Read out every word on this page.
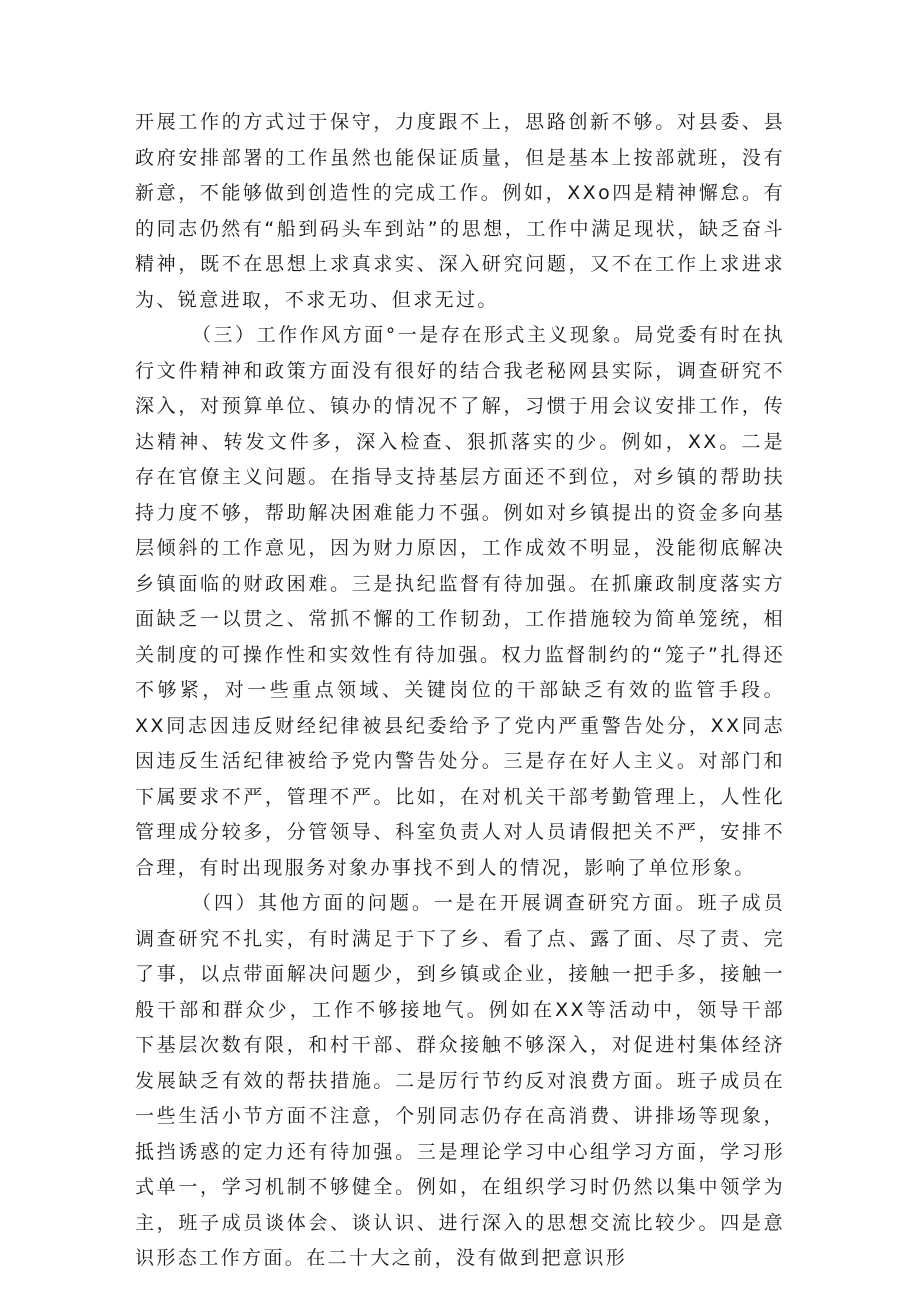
开展工作的方式过于保守，力度跟不上，思路创新不够。对县委、县政府安排部署的工作虽然也能保证质量，但是基本上按部就班，没有新意，不能够做到创造性的完成工作。例如，XXo四是精神懈怠。有的同志仍然有“船到码头车到站”的思想，工作中满足现状，缺乏奋斗精神，既不在思想上求真求实、深入研究问题，又不在工作上求进求为、锐意进取，不求无功、但求无过。

（三）工作作风方面°一是存在形式主义现象。局党委有时在执行文件精神和政策方面没有很好的结合我老秘网县实际，调查研究不深入，对预算单位、镇办的情况不了解，习惯于用会议安排工作，传达精神、转发文件多，深入检查、狠抓落实的少。例如，XX。二是存在官僚主义问题。在指导支持基层方面还不到位，对乡镇的帮助扶持力度不够，帮助解决困难能力不强。例如对乡镇提出的资金多向基层倾斜的工作意见，因为财力原因，工作成效不明显，没能彻底解决乡镇面临的财政困难。三是执纪监督有待加强。在抓廉政制度落实方面缺乏一以贯之、常抓不懈的工作韧劲，工作措施较为简单笼统，相关制度的可操作性和实效性有待加强。权力监督制约的“笼子”扎得还不够紧，对一些重点领域、关键岗位的干部缺乏有效的监管手段。XX同志因违反财经纪律被县纪委给予了党内严重警告处分，XX同志因违反生活纪律被给予党内警告处分。三是存在好人主义。对部门和下属要求不严，管理不严。比如，在对机关干部考勤管理上，人性化管理成分较多，分管领导、科室负责人对人员请假把关不严，安排不合理，有时出现服务对象办事找不到人的情况，影响了单位形象。

（四）其他方面的问题。一是在开展调查研究方面。班子成员调查研究不扎实，有时满足于下了乡、看了点、露了面、尽了责、完了事，以点带面解决问题少，到乡镇或企业，接触一把手多，接触一般干部和群众少，工作不够接地气。例如在XX等活动中，领导干部下基层次数有限，和村干部、群众接触不够深入，对促进村集体经济发展缺乏有效的帮扶措施。二是厉行节约反对浪费方面。班子成员在一些生活小节方面不注意，个别同志仍存在高消费、讲排场等现象，抵挡诱惑的定力还有待加强。三是理论学习中心组学习方面，学习形式单一，学习机制不够健全。例如，在组织学习时仍然以集中领学为主，班子成员谈体会、谈认识、进行深入的思想交流比较少。四是意识形态工作方面。在二十大之前，没有做到把意识形
